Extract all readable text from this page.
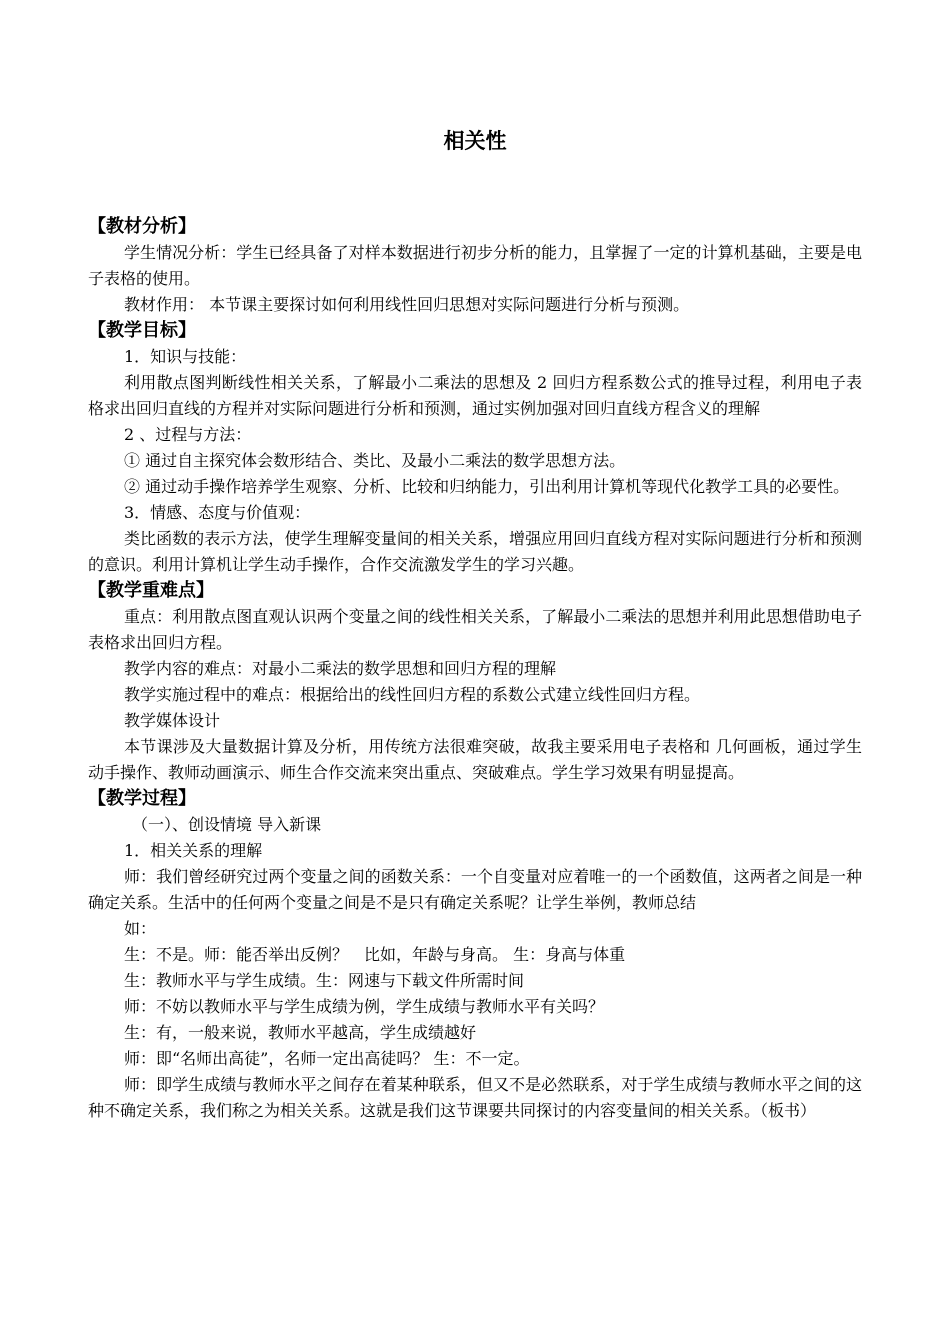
相关性

【教材分析】

学生情况分析：学生已经具备了对样本数据进行初步分析的能力，且掌握了一定的计算机基础，主要是电子表格的使用。

教材作用： 本节课主要探讨如何利用线性回归思想对实际问题进行分析与预测。

【教学目标】

1．知识与技能：

利用散点图判断线性相关关系，了解最小二乘法的思想及 2 回归方程系数公式的推导过程，利用电子表格求出回归直线的方程并对实际问题进行分析和预测，通过实例加强对回归直线方程含义的理解

2 、过程与方法：

① 通过自主探究体会数形结合、类比、及最小二乘法的数学思想方法。

② 通过动手操作培养学生观察、分析、比较和归纳能力，引出利用计算机等现代化教学工具的必要性。

3．情感、态度与价值观：

类比函数的表示方法，使学生理解变量间的相关关系，增强应用回归直线方程对实际问题进行分析和预测的意识。利用计算机让学生动手操作，合作交流激发学生的学习兴趣。

【教学重难点】

重点：利用散点图直观认识两个变量之间的线性相关关系，了解最小二乘法的思想并利用此思想借助电子表格求出回归方程。

教学内容的难点：对最小二乘法的数学思想和回归方程的理解

教学实施过程中的难点：根据给出的线性回归方程的系数公式建立线性回归方程。

教学媒体设计

本节课涉及大量数据计算及分析，用传统方法很难突破，故我主要采用电子表格和 几何画板，通过学生动手操作、教师动画演示、师生合作交流来突出重点、突破难点。学生学习效果有明显提高。

【教学过程】

（一）、创设情境 导入新课

1．相关关系的理解

师：我们曾经研究过两个变量之间的函数关系：一个自变量对应着唯一的一个函数值，这两者之间是一种确定关系。生活中的任何两个变量之间是不是只有确定关系呢？让学生举例，教师总结

如：

生：不是。师：能否举出反例？　比如，年龄与身高。 生：身高与体重

生：教师水平与学生成绩。生：网速与下载文件所需时间

师：不妨以教师水平与学生成绩为例，学生成绩与教师水平有关吗？

生：有，一般来说，教师水平越高，学生成绩越好

师：即“名师出高徒”，名师一定出高徒吗？ 生：不一定。

师：即学生成绩与教师水平之间存在着某种联系，但又不是必然联系，对于学生成绩与教师水平之间的这种不确定关系，我们称之为相关关系。这就是我们这节课要共同探讨的内容变量间的相关关系。（板书）
